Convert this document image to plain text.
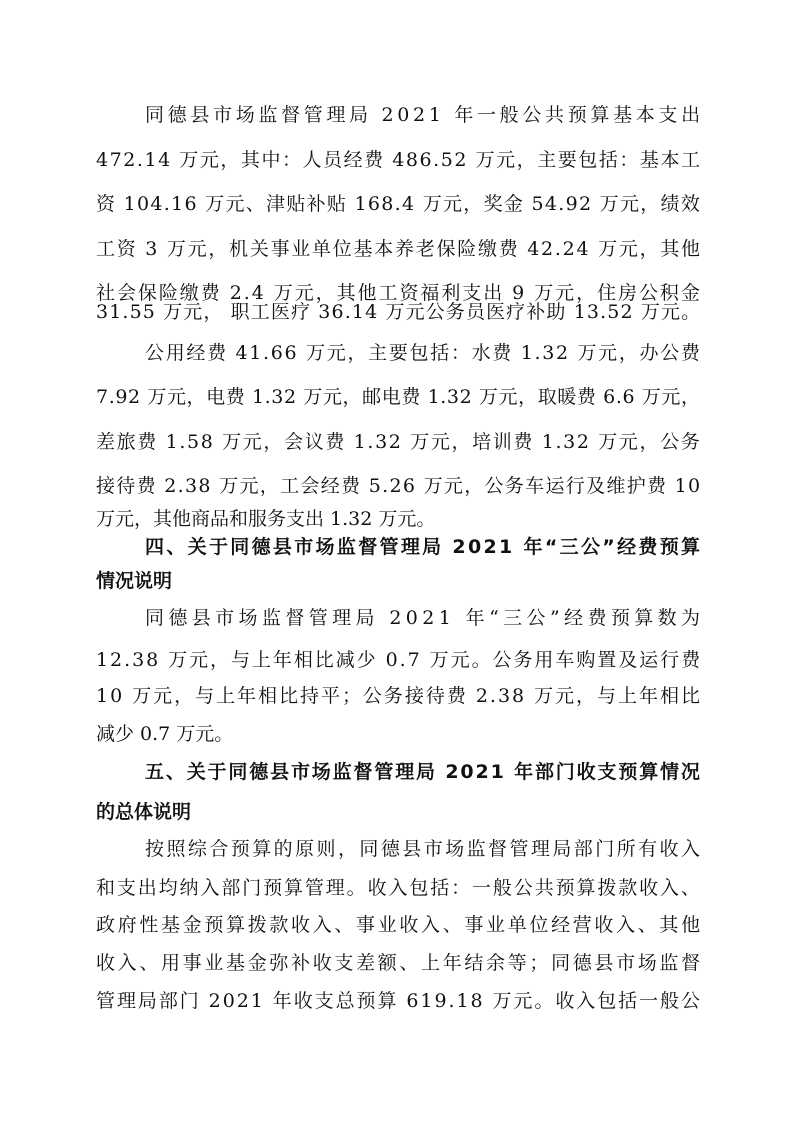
同德县市场监督管理局 2021 年一般公共预算基本支出
472.14 万元，其中：人员经费 486.52 万元，主要包括：基本工
资 104.16 万元、津贴补贴 168.4 万元，奖金 54.92 万元，绩效
工资 3 万元，机关事业单位基本养老保险缴费 42.24 万元，其他
社会保险缴费 2.4 万元，其他工资福利支出 9 万元，住房公积金
31.55 万元， 职工医疗 36.14 万元公务员医疗补助 13.52 万元。
公用经费 41.66 万元，主要包括：水费 1.32 万元，办公费
7.92 万元，电费 1.32 万元，邮电费 1.32 万元，取暖费 6.6 万元，
差旅费 1.58 万元，会议费 1.32 万元，培训费 1.32 万元，公务
接待费 2.38 万元，工会经费 5.26 万元，公务车运行及维护费 10
万元，其他商品和服务支出 1.32 万元。
四、关于同德县市场监督管理局 2021 年“三公”经费预算
情况说明
同德县市场监督管理局 2021 年“三公”经费预算数为
12.38 万元，与上年相比减少 0.7 万元。公务用车购置及运行费
10 万元，与上年相比持平；公务接待费 2.38 万元，与上年相比
减少 0.7 万元。
五、关于同德县市场监督管理局 2021 年部门收支预算情况
的总体说明
按照综合预算的原则，同德县市场监督管理局部门所有收入
和支出均纳入部门预算管理。收入包括：一般公共预算拨款收入、
政府性基金预算拨款收入、事业收入、事业单位经营收入、其他
收入、用事业基金弥补收支差额、上年结余等；同德县市场监督
管理局部门 2021 年收支总预算 619.18 万元。收入包括一般公
